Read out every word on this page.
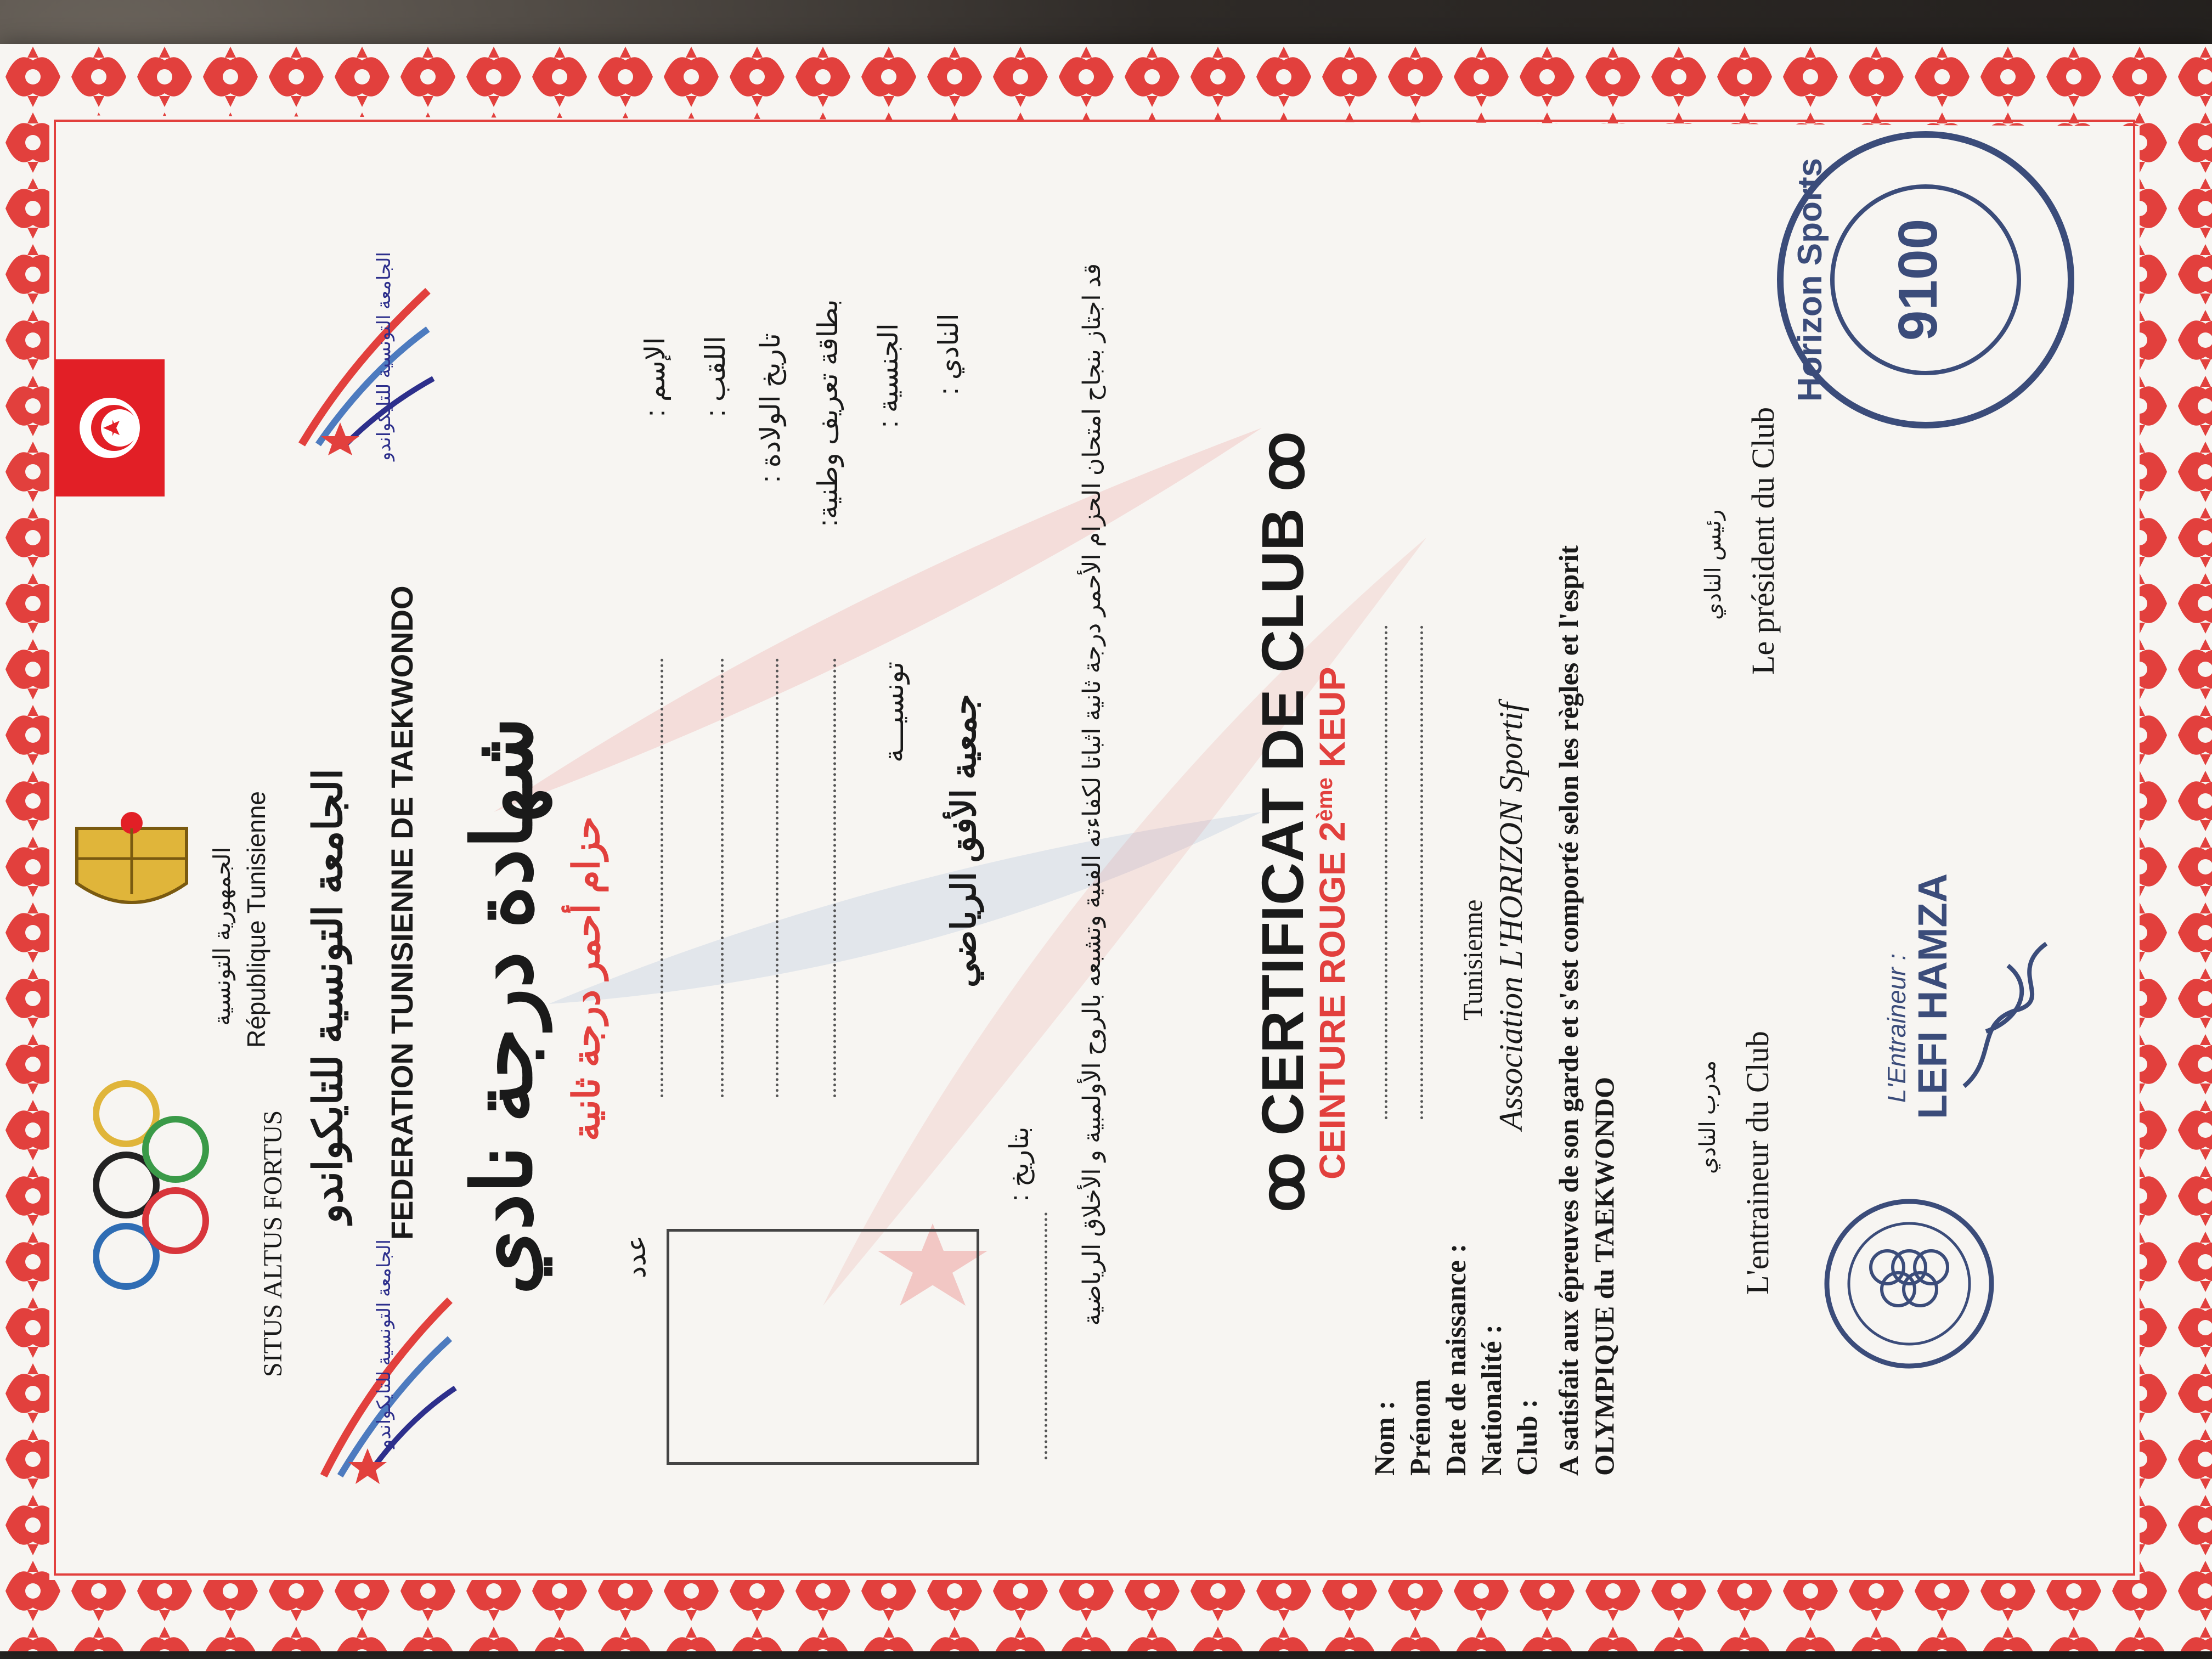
SITUS ALTUS FORTUS	الجامعة التونسية للتايكواندو
الجامعة التونسية للتايكواندو
الجمهورية التونسية République Tunisienne الجامعة التونسية للتايكواندو FEDERATION TUNISIENNE DE TAEKWONDO شهادة درجة نادي حزام أحمر درجة ثانية
الإسم : اللقب : تاريخ الولادة : بطاقة تعريف وطنية: الجنسية : النادي :
تونسيـــة جمعية الأفق الرياضي
عدد
بتاريخ : قد اجتاز بنجاح امتحان الحزام الأحمر درجة ثانية اثباتا لكفاءته الفنية وتشبعه بالروح الأولمبية و الأخلاق الرياضية ꝏ CERTIFICAT DE CLUB ꝏ
CEINTURE ROUGE 2ème KEUP
Nom : Prénom Date de naissance : Nationalité : Club :
Tunisienne Association L'HORIZON Sportif A satisfait aux épreuves de son garde et s'est comporté selon les règles et l'esprit OLYMPIQUE du TAEKWONDO	مدرب النادي L'entraineur du Club
رئيس النادي Le président du Club
L'Entraineur :
LEFI HAMZA
9100
Horizon Sports
